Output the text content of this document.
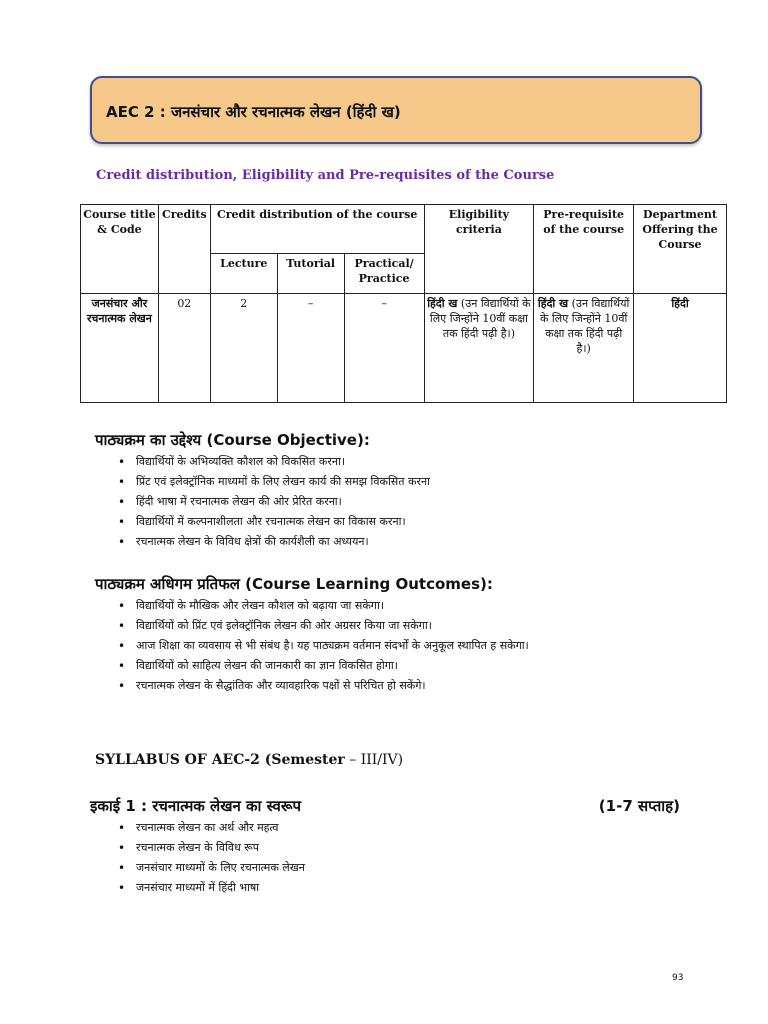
AEC 2 : जनसंचार और रचनात्मक लेखन (हिंदी ख)
Credit distribution, Eligibility and Pre-requisites of the Course
Course title & Code	Credits	Credit distribution of the course			Eligibility criteria	Pre-requisite of the course	Department Offering the Course
		Lecture	Tutorial	Practical/ Practice			
जनसंचार और रचनात्मक लेखन	02	2	–	–	हिंदी ख (उन विद्यार्थियों के लिए जिन्होंने 10वीं कक्षा तक हिंदी पढ़ी है।)	हिंदी ख (उन विद्यार्थियों के लिए जिन्होंने 10वीं कक्षा तक हिंदी पढ़ी है।)	हिंदी
पाठ्यक्रम का उद्देश्य (Course Objective):
• विद्यार्थियों के अभिव्यक्ति कौशल को विकसित करना।
• प्रिंट एवं इलेक्ट्रॉनिक माध्यमों के लिए लेखन कार्य की समझ विकसित करना
• हिंदी भाषा में रचनात्मक लेखन की ओर प्रेरित करना।
• विद्यार्थियों में कल्पनाशीलता और रचनात्मक लेखन का विकास करना।
• रचनात्मक लेखन के विविध क्षेत्रों की कार्यशैली का अध्ययन।
पाठ्यक्रम अधिगम प्रतिफल (Course Learning Outcomes):
• विद्यार्थियों के मौखिक और लेखन कौशल को बढ़ाया जा सकेगा।
• विद्यार्थियों को प्रिंट एवं इलेक्ट्रॉनिक लेखन की ओर अग्रसर किया जा सकेगा।
• आज शिक्षा का व्यवसाय से भी संबंध है। यह पाठ्यक्रम वर्तमान संदर्भों के अनुकूल स्थापित ह सकेगा।
• विद्यार्थियों को साहित्य लेखन की जानकारी का ज्ञान विकसित होगा।
• रचनात्मक लेखन के सैद्धांतिक और व्यावहारिक पक्षों से परिचित हो सकेंगे।
SYLLABUS OF AEC-2 (Semester – III/IV)
इकाई 1 : रचनात्मक लेखन का स्वरूप	(1-7 सप्ताह)
• रचनात्मक लेखन का अर्थ और महत्व
• रचनात्मक लेखन के विविध रूप
• जनसंचार माध्यमों के लिए रचनात्मक लेखन
• जनसंचार माध्यमों में हिंदी भाषा
93
